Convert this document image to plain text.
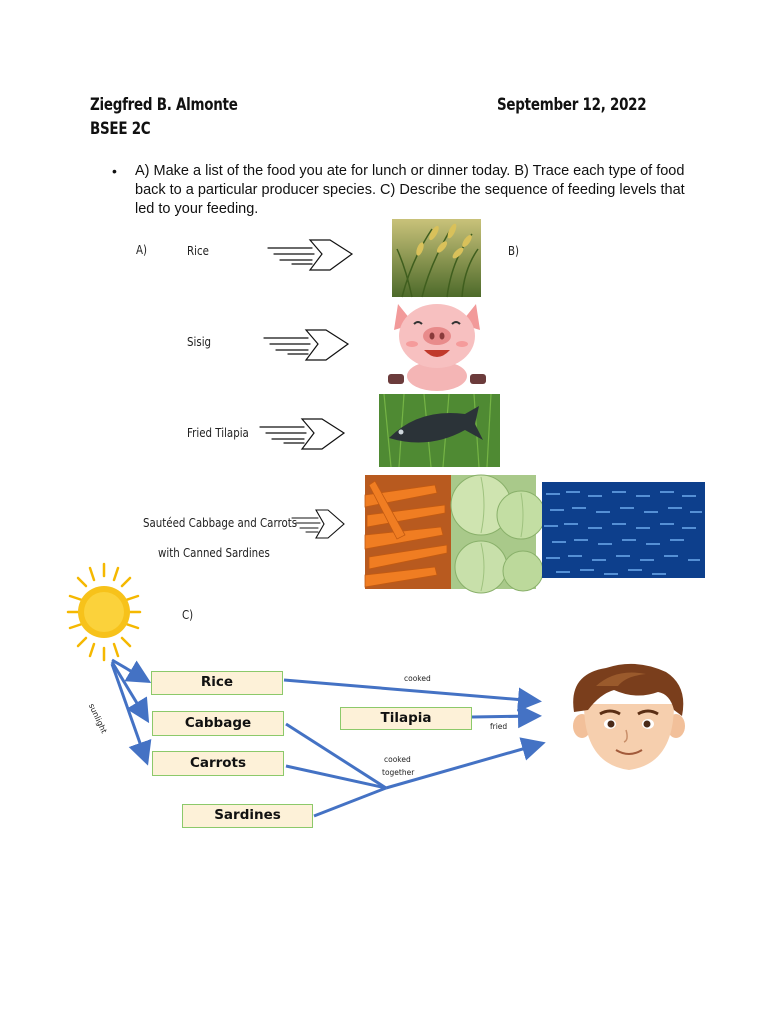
Ziegfred B. Almonte
BSEE 2C
September 12, 2022
• A) Make a list of the food you ate for lunch or dinner today. B) Trace each type of food back to a particular producer species. C) Describe the sequence of feeding levels that led to your feeding.
A)	Rice
Sisig
Fried Tilapia
Sautéed Cabbage and Carrots
with Canned Sardines
B)
C)
sunlight
Rice
Cabbage
Carrots
Sardines
Tilapia
cooked
fried
cooked
together
